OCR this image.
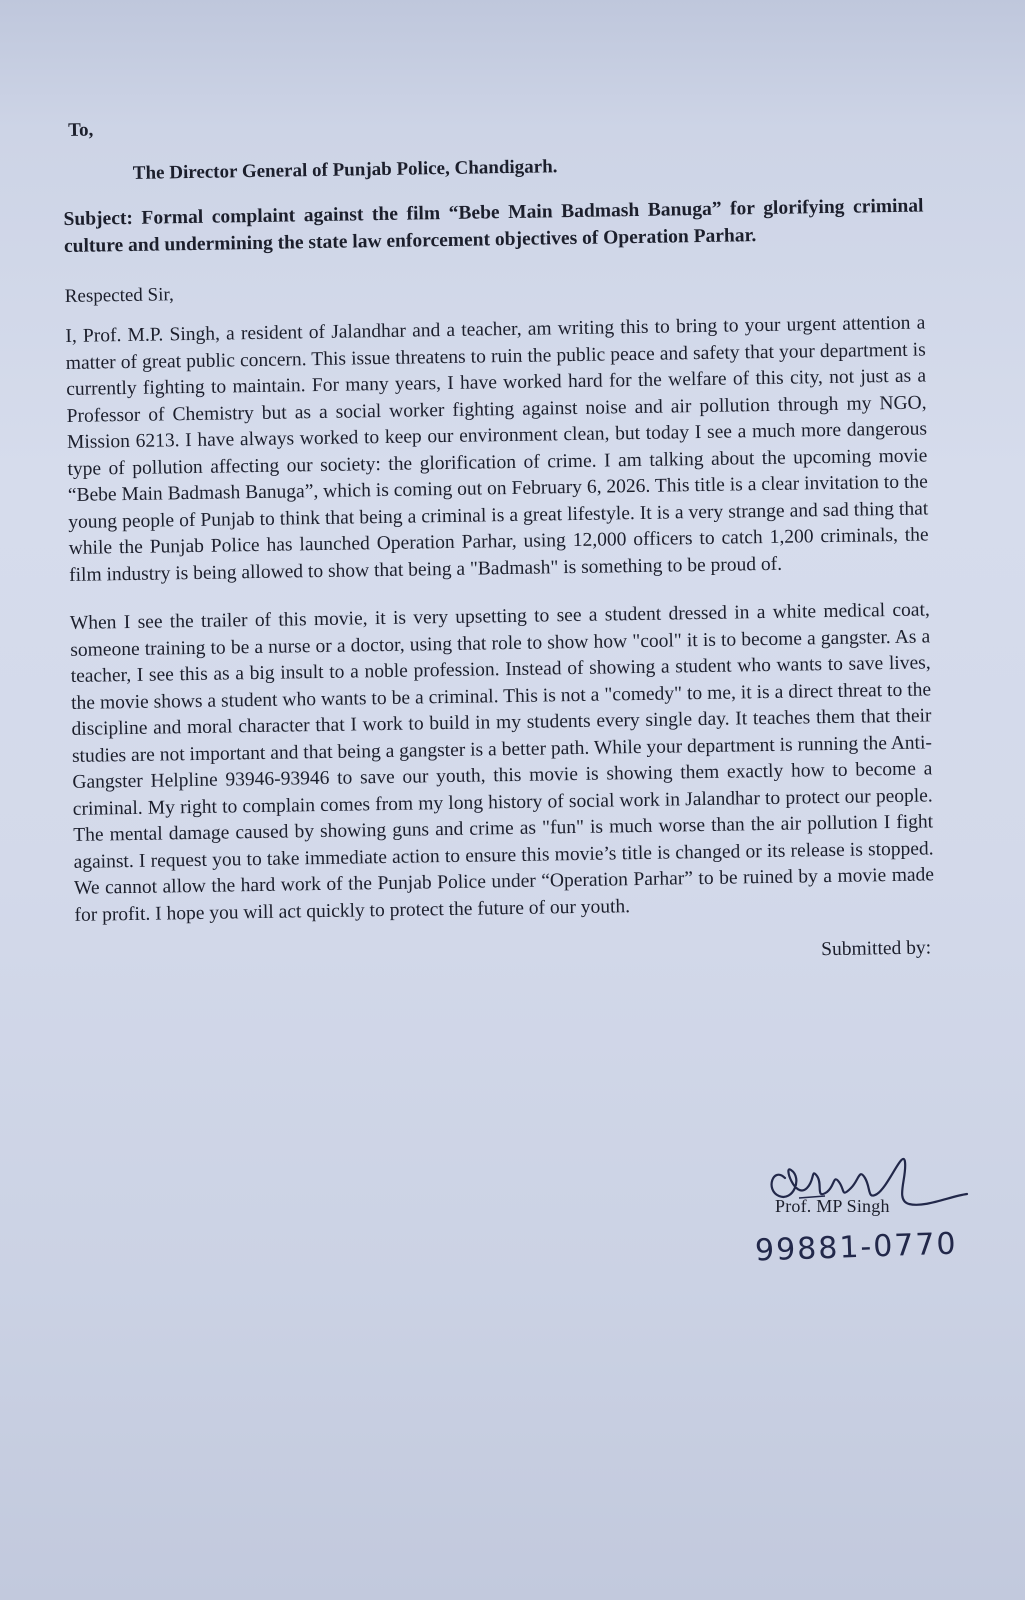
To,

The Director General of Punjab Police, Chandigarh.

Subject: Formal complaint against the film “Bebe Main Badmash Banuga” for glorifying criminal culture and undermining the state law enforcement objectives of Operation Parhar.

Respected Sir,

I, Prof. M.P. Singh, a resident of Jalandhar and a teacher, am writing this to bring to your urgent attention a matter of great public concern. This issue threatens to ruin the public peace and safety that your department is currently fighting to maintain. For many years, I have worked hard for the welfare of this city, not just as a Professor of Chemistry but as a social worker fighting against noise and air pollution through my NGO, Mission 6213. I have always worked to keep our environment clean, but today I see a much more dangerous type of pollution affecting our society: the glorification of crime. I am talking about the upcoming movie “Bebe Main Badmash Banuga”, which is coming out on February 6, 2026. This title is a clear invitation to the young people of Punjab to think that being a criminal is a great lifestyle. It is a very strange and sad thing that while the Punjab Police has launched Operation Parhar, using 12,000 officers to catch 1,200 criminals, the film industry is being allowed to show that being a "Badmash" is something to be proud of.

When I see the trailer of this movie, it is very upsetting to see a student dressed in a white medical coat, someone training to be a nurse or a doctor, using that role to show how "cool" it is to become a gangster. As a teacher, I see this as a big insult to a noble profession. Instead of showing a student who wants to save lives, the movie shows a student who wants to be a criminal. This is not a "comedy" to me, it is a direct threat to the discipline and moral character that I work to build in my students every single day. It teaches them that their studies are not important and that being a gangster is a better path. While your department is running the Anti-Gangster Helpline 93946-93946 to save our youth, this movie is showing them exactly how to become a criminal. My right to complain comes from my long history of social work in Jalandhar to protect our people. The mental damage caused by showing guns and crime as "fun" is much worse than the air pollution I fight against. I request you to take immediate action to ensure this movie’s title is changed or its release is stopped. We cannot allow the hard work of the Punjab Police under “Operation Parhar” to be ruined by a movie made for profit. I hope you will act quickly to protect the future of our youth.

Submitted by:

Prof. MP Singh
99881-0770
